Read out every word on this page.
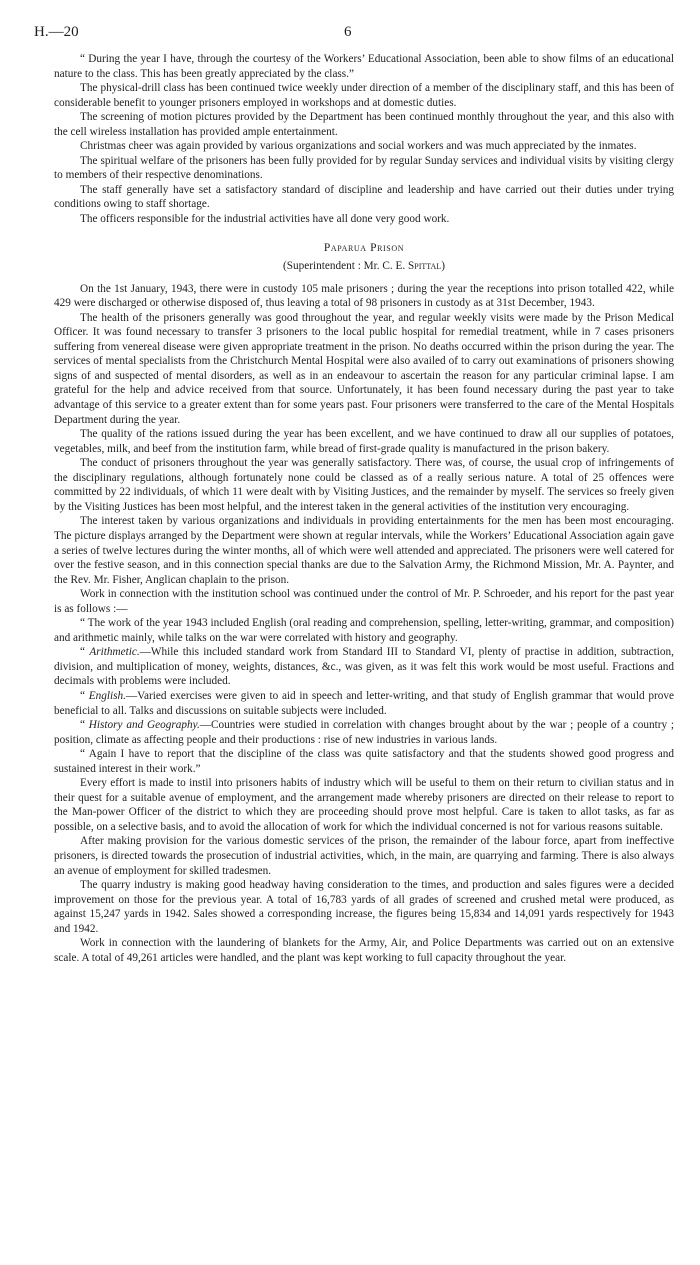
H.—20	6

“ During the year I have, through the courtesy of the Workers’ Educational Association, been able to show films of an educational nature to the class. This has been greatly appreciated by the class.”

The physical-drill class has been continued twice weekly under direction of a member of the disciplinary staff, and this has been of considerable benefit to younger prisoners employed in workshops and at domestic duties.

The screening of motion pictures provided by the Department has been continued monthly throughout the year, and this also with the cell wireless installation has provided ample entertainment.

Christmas cheer was again provided by various organizations and social workers and was much appreciated by the inmates.

The spiritual welfare of the prisoners has been fully provided for by regular Sunday services and individual visits by visiting clergy to members of their respective denominations.

The staff generally have set a satisfactory standard of discipline and leadership and have carried out their duties under trying conditions owing to staff shortage.

The officers responsible for the industrial activities have all done very good work.

Paparua Prison

(Superintendent : Mr. C. E. Spittal)

On the 1st January, 1943, there were in custody 105 male prisoners ; during the year the receptions into prison totalled 422, while 429 were discharged or otherwise disposed of, thus leaving a total of 98 prisoners in custody as at 31st December, 1943.

The health of the prisoners generally was good throughout the year, and regular weekly visits were made by the Prison Medical Officer. It was found necessary to transfer 3 prisoners to the local public hospital for remedial treatment, while in 7 cases prisoners suffering from venereal disease were given appropriate treatment in the prison. No deaths occurred within the prison during the year. The services of mental specialists from the Christchurch Mental Hospital were also availed of to carry out examinations of prisoners showing signs of and suspected of mental disorders, as well as in an endeavour to ascertain the reason for any particular criminal lapse. I am grateful for the help and advice received from that source. Unfortunately, it has been found necessary during the past year to take advantage of this service to a greater extent than for some years past. Four prisoners were transferred to the care of the Mental Hospitals Department during the year.

The quality of the rations issued during the year has been excellent, and we have continued to draw all our supplies of potatoes, vegetables, milk, and beef from the institution farm, while bread of first-grade quality is manufactured in the prison bakery.

The conduct of prisoners throughout the year was generally satisfactory. There was, of course, the usual crop of infringements of the disciplinary regulations, although fortunately none could be classed as of a really serious nature. A total of 25 offences were committed by 22 individuals, of which 11 were dealt with by Visiting Justices, and the remainder by myself. The services so freely given by the Visiting Justices has been most helpful, and the interest taken in the general activities of the institution very encouraging.

The interest taken by various organizations and individuals in providing entertainments for the men has been most encouraging. The picture displays arranged by the Department were shown at regular intervals, while the Workers’ Educational Association again gave a series of twelve lectures during the winter months, all of which were well attended and appreciated. The prisoners were well catered for over the festive season, and in this connection special thanks are due to the Salvation Army, the Richmond Mission, Mr. A. Paynter, and the Rev. Mr. Fisher, Anglican chaplain to the prison.

Work in connection with the institution school was continued under the control of Mr. P. Schroeder, and his report for the past year is as follows :—

“ The work of the year 1943 included English (oral reading and comprehension, spelling, letter-writing, grammar, and composition) and arithmetic mainly, while talks on the war were correlated with history and geography.

“ Arithmetic.—While this included standard work from Standard III to Standard VI, plenty of practise in addition, subtraction, division, and multiplication of money, weights, distances, &c., was given, as it was felt this work would be most useful. Fractions and decimals with problems were included.

“ English.—Varied exercises were given to aid in speech and letter-writing, and that study of English grammar that would prove beneficial to all. Talks and discussions on suitable subjects were included.

“ History and Geography.—Countries were studied in correlation with changes brought about by the war ; people of a country ; position, climate as affecting people and their productions : rise of new industries in various lands.

“ Again I have to report that the discipline of the class was quite satisfactory and that the students showed good progress and sustained interest in their work.”

Every effort is made to instil into prisoners habits of industry which will be useful to them on their return to civilian status and in their quest for a suitable avenue of employment, and the arrangement made whereby prisoners are directed on their release to report to the Man-power Officer of the district to which they are proceeding should prove most helpful. Care is taken to allot tasks, as far as possible, on a selective basis, and to avoid the allocation of work for which the individual concerned is not for various reasons suitable.

After making provision for the various domestic services of the prison, the remainder of the labour force, apart from ineffective prisoners, is directed towards the prosecution of industrial activities, which, in the main, are quarrying and farming. There is also always an avenue of employment for skilled tradesmen.

The quarry industry is making good headway having consideration to the times, and production and sales figures were a decided improvement on those for the previous year. A total of 16,783 yards of all grades of screened and crushed metal were produced, as against 15,247 yards in 1942. Sales showed a corresponding increase, the figures being 15,834 and 14,091 yards respectively for 1943 and 1942.

Work in connection with the laundering of blankets for the Army, Air, and Police Departments was carried out on an extensive scale. A total of 49,261 articles were handled, and the plant was kept working to full capacity throughout the year.
